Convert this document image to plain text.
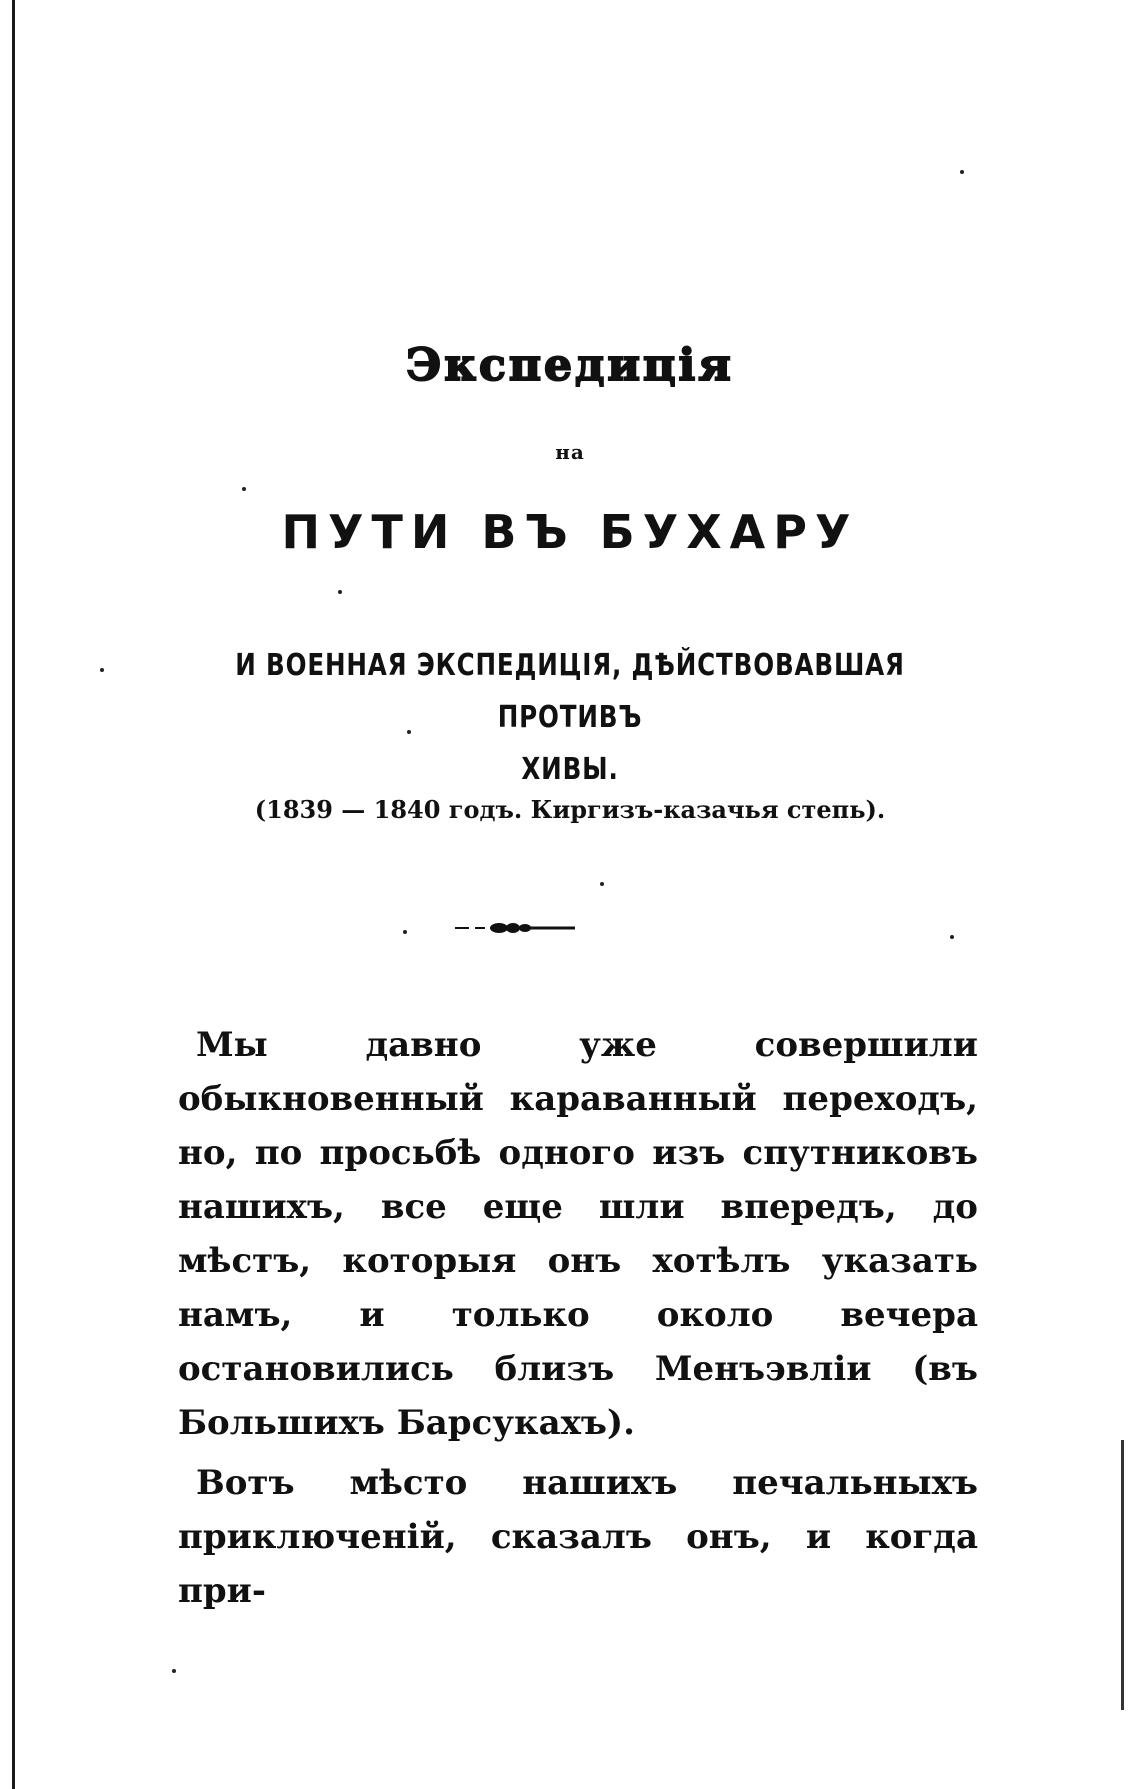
Экспедиція
на
ПУТИ ВЪ БУХАРУ
И ВОЕННАЯ ЭКСПЕДИЦІЯ, ДѢЙСТВОВАВШАЯ ПРОТИВЪ
ХИВЫ.
(1839 — 1840 годъ. Киргизъ-казачья степь).

Мы давно уже совершили обыкновенный караванный переходъ, но, по просьбѣ одного изъ спутниковъ нашихъ, все еще шли впередъ, до мѣстъ, которыя онъ хотѣлъ указать намъ, и только около вечера остановились близъ Менъэвліи (въ Большихъ Барсукахъ).

Вотъ мѣсто нашихъ печальныхъ приключеній, сказалъ онъ, и когда при-
